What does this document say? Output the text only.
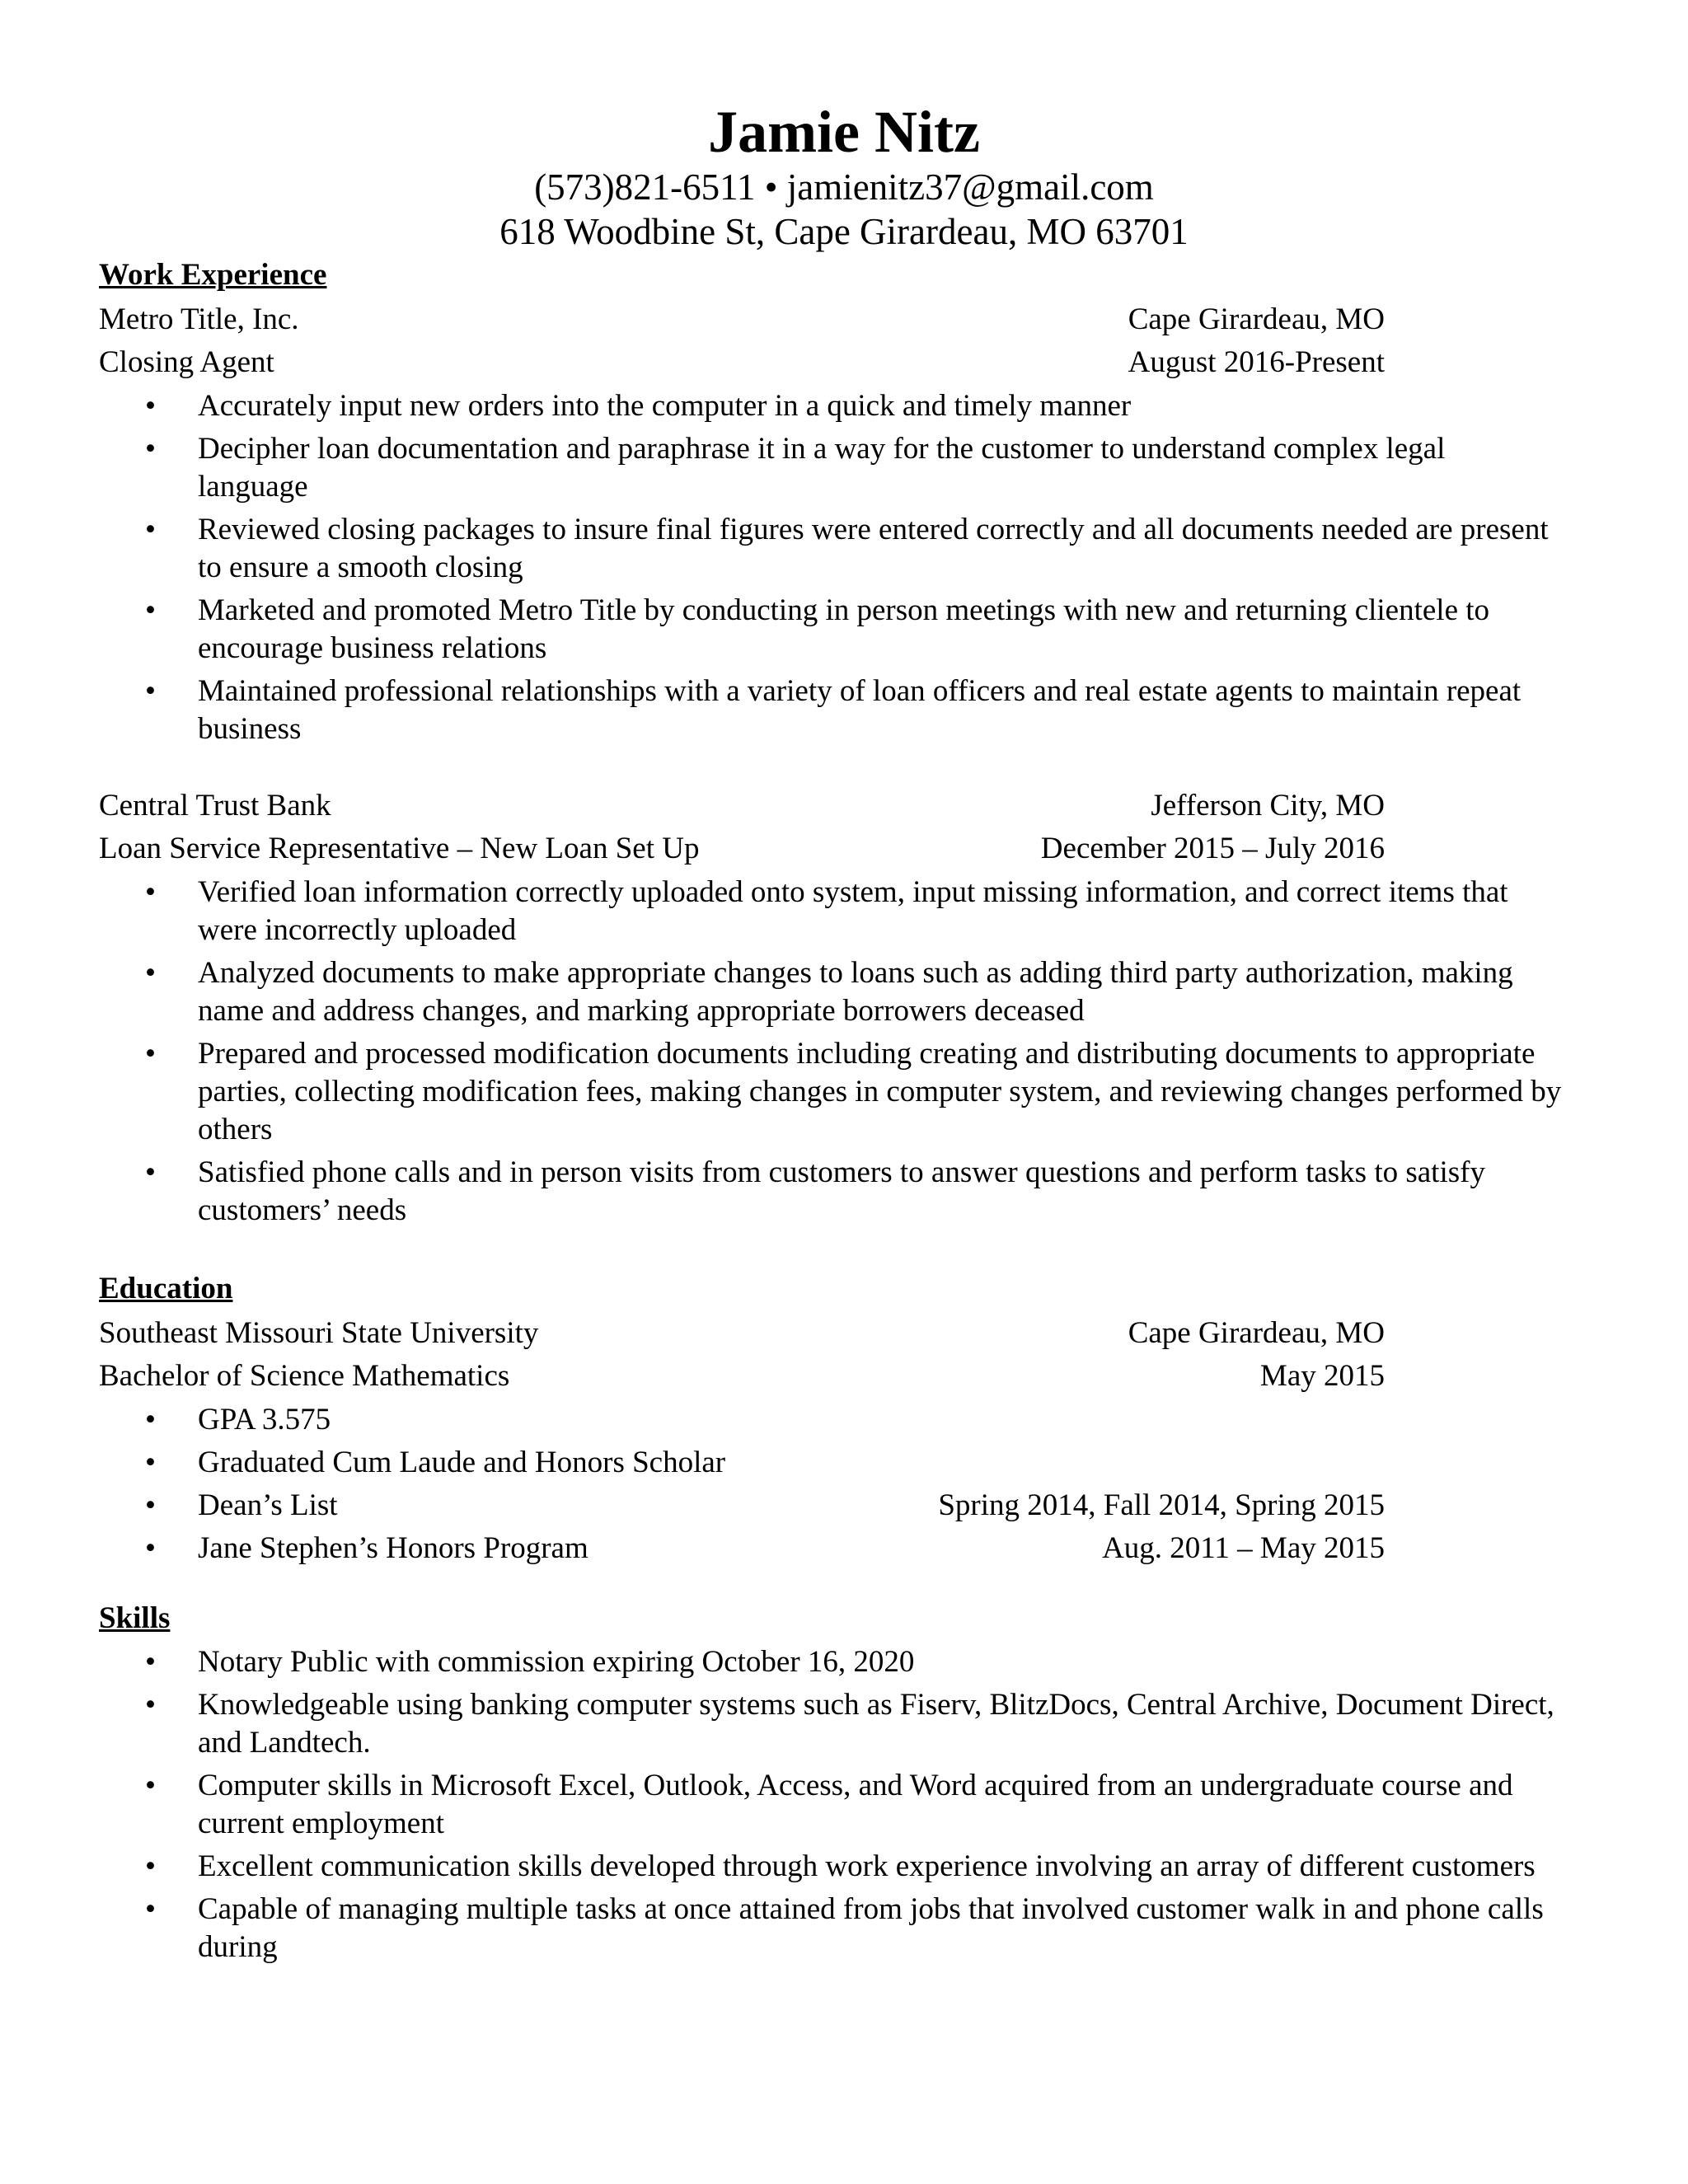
Jamie Nitz
(573)821-6511 • jamienitz37@gmail.com
618 Woodbine St, Cape Girardeau, MO 63701
Work Experience
Metro Title, Inc.	Cape Girardeau, MO
Closing Agent	August 2016-Present
• Accurately input new orders into the computer in a quick and timely manner
• Decipher loan documentation and paraphrase it in a way for the customer to understand complex legal language
• Reviewed closing packages to insure final figures were entered correctly and all documents needed are present to ensure a smooth closing
• Marketed and promoted Metro Title by conducting in person meetings with new and returning clientele to encourage business relations
• Maintained professional relationships with a variety of loan officers and real estate agents to maintain repeat business
Central Trust Bank	Jefferson City, MO
Loan Service Representative – New Loan Set Up	December 2015 – July 2016
• Verified loan information correctly uploaded onto system, input missing information, and correct items that were incorrectly uploaded
• Analyzed documents to make appropriate changes to loans such as adding third party authorization, making name and address changes, and marking appropriate borrowers deceased
• Prepared and processed modification documents including creating and distributing documents to appropriate parties, collecting modification fees, making changes in computer system, and reviewing changes performed by others
• Satisfied phone calls and in person visits from customers to answer questions and perform tasks to satisfy customers’ needs
Education
Southeast Missouri State University	Cape Girardeau, MO
Bachelor of Science Mathematics	May 2015
• GPA 3.575
• Graduated Cum Laude and Honors Scholar
• Dean’s List	Spring 2014, Fall 2014, Spring 2015
• Jane Stephen’s Honors Program	Aug. 2011 – May 2015
Skills
• Notary Public with commission expiring October 16, 2020
• Knowledgeable using banking computer systems such as Fiserv, BlitzDocs, Central Archive, Document Direct, and Landtech.
• Computer skills in Microsoft Excel, Outlook, Access, and Word acquired from an undergraduate course and current employment
• Excellent communication skills developed through work experience involving an array of different customers
• Capable of managing multiple tasks at once attained from jobs that involved customer walk in and phone calls during
